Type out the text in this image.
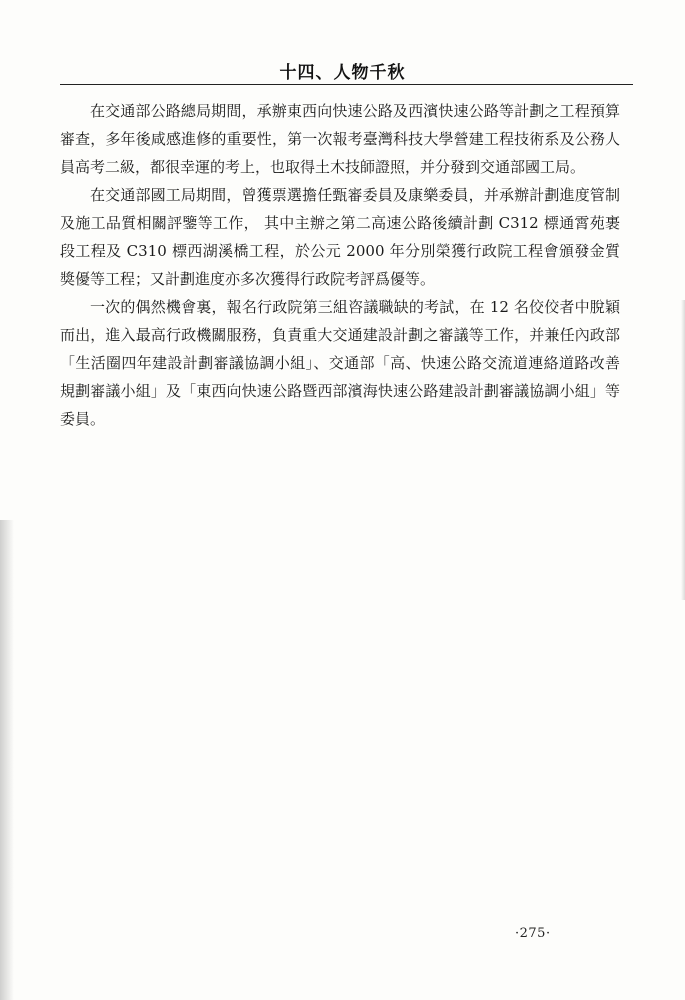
十四、人物千秋

在交通部公路總局期間，承辦東西向快速公路及西濱快速公路等計劃之工程預算審查，多年後咸感進修的重要性，第一次報考臺灣科技大學營建工程技術系及公務人員高考二級，都很幸運的考上，也取得土木技師證照，并分發到交通部國工局。

在交通部國工局期間，曾獲票選擔任甄審委員及康樂委員，并承辦計劃進度管制及施工品質相關評鑒等工作， 其中主辦之第二高速公路後續計劃 C312 標通霄苑裹段工程及 C310 標西湖溪橋工程，於公元 2000 年分別榮獲行政院工程會頒發金質獎優等工程；又計劃進度亦多次獲得行政院考評爲優等。

一次的偶然機會裏，報名行政院第三組咨議職缺的考試，在 12 名佼佼者中脫穎而出，進入最高行政機關服務，負責重大交通建設計劃之審議等工作，并兼任內政部「生活圈四年建設計劃審議協調小組」、交通部「高、快速公路交流道連絡道路改善規劃審議小組」及「東西向快速公路暨西部濱海快速公路建設計劃審議協調小組」等委員。

·275·
